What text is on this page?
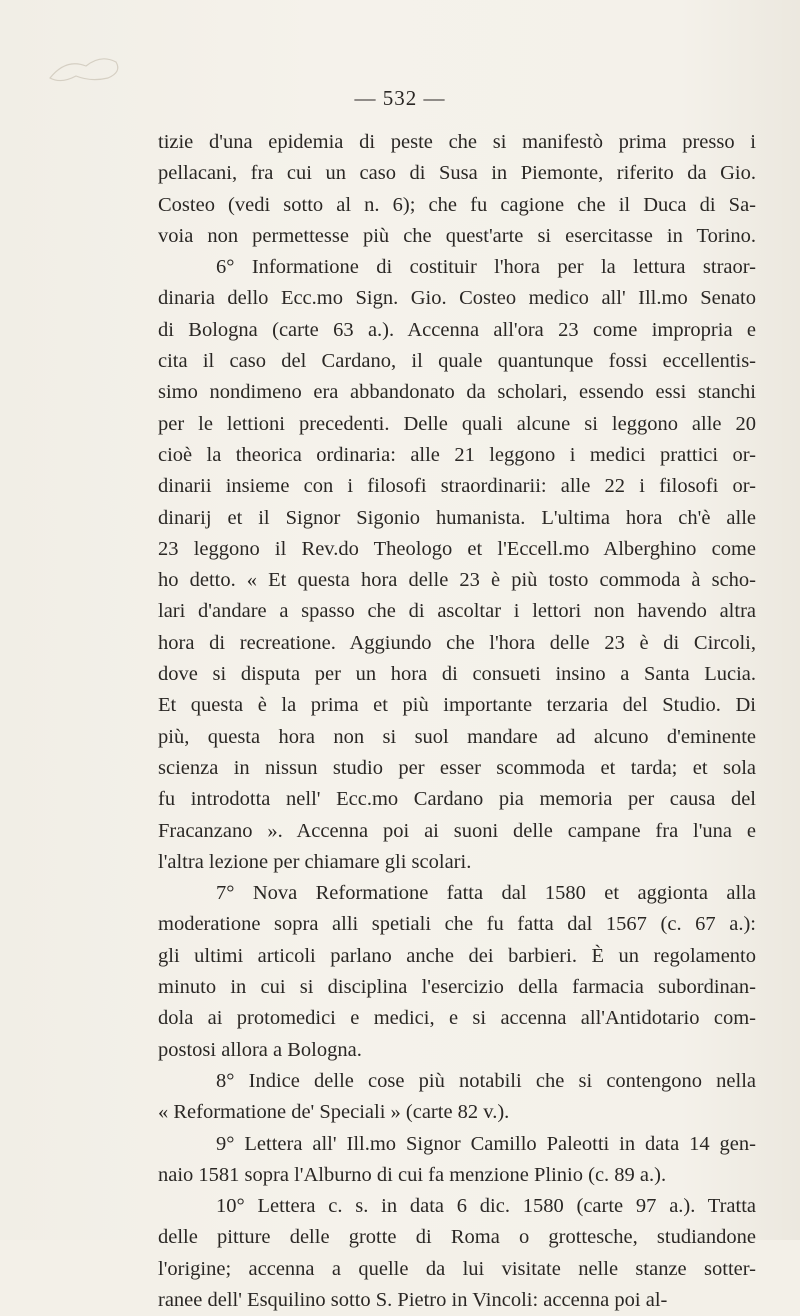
— 532 —
tizie d'una epidemia di peste che si manifestò prima presso i
pellacani, fra cui un caso di Susa in Piemonte, riferito da Gio.
Costeo (vedi sotto al n. 6); che fu cagione che il Duca di Sa-
voia non permettesse più che quest'arte si esercitasse in Torino.
6° Informatione di costituir l'hora per la lettura straor-
dinaria dello Ecc.mo Sign. Gio. Costeo medico all' Ill.mo Senato
di Bologna (carte 63 a.). Accenna all'ora 23 come impropria e
cita il caso del Cardano, il quale quantunque fossi eccellentis-
simo nondimeno era abbandonato da scholari, essendo essi stanchi
per le lettioni precedenti. Delle quali alcune si leggono alle 20
cioè la theorica ordinaria: alle 21 leggono i medici prattici or-
dinarii insieme con i filosofi straordinarii: alle 22 i filosofi or-
dinarij et il Signor Sigonio humanista. L'ultima hora ch'è alle
23 leggono il Rev.do Theologo et l'Eccell.mo Alberghino come
ho detto. « Et questa hora delle 23 è più tosto commoda à scho-
lari d'andare a spasso che di ascoltar i lettori non havendo altra
hora di recreatione. Aggiundo che l'hora delle 23 è di Circoli,
dove si disputa per un hora di consueti insino a Santa Lucia.
Et questa è la prima et più importante terzaria del Studio. Di
più, questa hora non si suol mandare ad alcuno d'eminente
scienza in nissun studio per esser scommoda et tarda; et sola
fu introdotta nell' Ecc.mo Cardano pia memoria per causa del
Fracanzano ». Accenna poi ai suoni delle campane fra l'una e
l'altra lezione per chiamare gli scolari.
7° Nova Reformatione fatta dal 1580 et aggionta alla
moderatione sopra alli spetiali che fu fatta dal 1567 (c. 67 a.):
gli ultimi articoli parlano anche dei barbieri. È un regolamento
minuto in cui si disciplina l'esercizio della farmacia subordinan-
dola ai protomedici e medici, e si accenna all'Antidotario com-
postosi allora a Bologna.
8° Indice delle cose più notabili che si contengono nella
« Reformatione de' Speciali » (carte 82 v.).
9° Lettera all' Ill.mo Signor Camillo Paleotti in data 14 gen-
naio 1581 sopra l'Alburno di cui fa menzione Plinio (c. 89 a.).
10° Lettera c. s. in data 6 dic. 1580 (carte 97 a.). Tratta
delle pitture delle grotte di Roma o grottesche, studiandone
l'origine; accenna a quelle da lui visitate nelle stanze sotter-
ranee dell' Esquilino sotto S. Pietro in Vincoli: accenna poi al-
